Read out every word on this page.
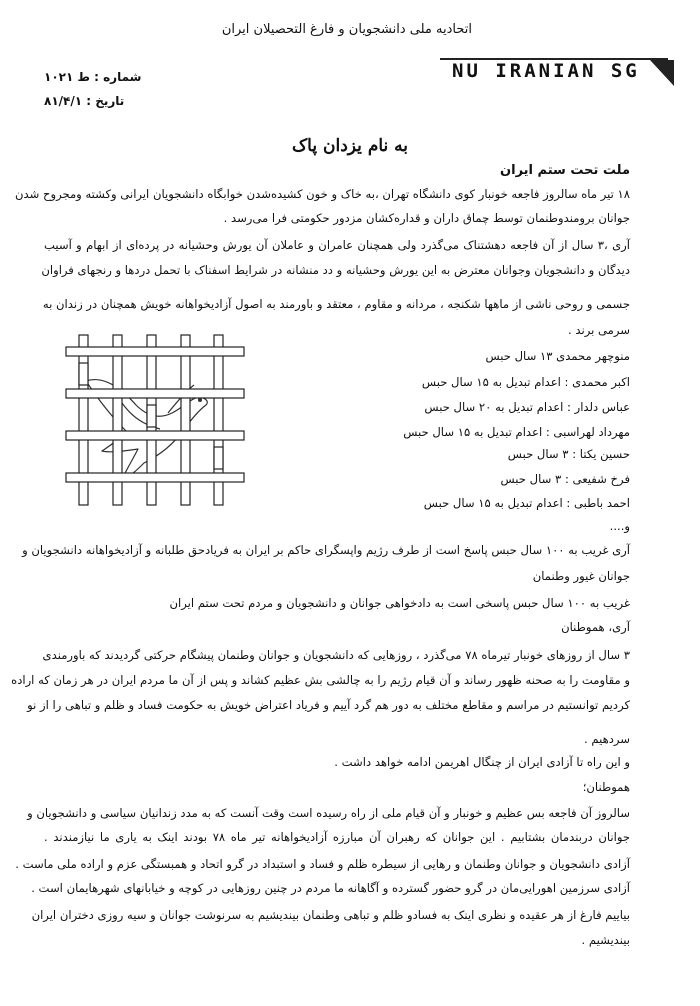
اتحادیه ملی دانشجویان و فارغ التحصیلان ایران
NU IRANIAN SG
شماره : ط ۱۰۲۱
تاریخ : ۸۱/۴/۱
به نام یزدان پاک
ملت تحت ستم ایران
۱۸ تیر ماه سالروز فاجعه خونبار کوی دانشگاه تهران ،به خاک و خون کشیده‌شدن خوابگاه دانشجویان ایرانی وکشته ومجروح شدن
جوانان برومندوطنمان توسط چماق داران و قداره‌کشان مزدور حکومتی فرا می‌رسد .
آری ،۳ سال از آن فاجعه دهشتناک می‌گذرد ولی همچنان عامران و عاملان آن یورش وحشیانه در پرده‌ای از ابهام و آسیب
دیدگان و دانشجویان وجوانان معترض به این یورش وحشیانه و دد منشانه در شرایط اسفناک با تحمل دردها و رنجهای فراوان
جسمی و روحی ناشی از ماهها شکنجه ، مردانه و مقاوم ، معتقد و باورمند به اصول آزادیخواهانه خویش همچنان در زندان به
سرمی برند .
منوچهر محمدی ۱۳ سال حبس
اکبر محمدی : اعدام تبدیل به ۱۵ سال حبس
عباس دلدار : اعدام تبدیل به ۲۰ سال حبس
مهرداد لهراسبی : اعدام تبدیل به ۱۵ سال حبس
حسین یکتا : ۳ سال حبس
فرخ شفیعی : ۳ سال حبس
احمد باطبی : اعدام تبدیل به ۱۵ سال حبس
و....
آری غریب به ۱۰۰ سال حبس پاسخ است از طرف رژیم واپسگرای حاکم بر ایران به فریادحق طلبانه و آزادیخواهانه دانشجویان و
جوانان غیور وطنمان
غریب به ۱۰۰ سال حبس پاسخی است به دادخواهی جوانان و دانشجویان و مردم تحت ستم ایران
آری، هموطنان
۳ سال از روزهای خونبار تیرماه ۷۸ می‌گذرد ، روزهایی که دانشجویان و جوانان وطنمان پیشگام حرکتی گردیدند که باورمندی
و مقاومت را به صحنه ظهور رساند و آن قیام رژیم را به چالشی بش عظیم کشاند و پس از آن ما مردم ایران در هر زمان که اراده
کردیم توانستیم در مراسم و مقاطع مختلف به دور هم گرد آییم و فریاد اعتراض خویش به حکومت فساد و ظلم و تباهی را از نو
سردهیم .
و این راه تا آزادی ایران از چنگال اهریمن ادامه خواهد داشت .
هموطنان؛
سالروز آن فاجعه بس عظیم و خونبار و آن قیام ملی از راه رسیده است وقت آنست که به مدد زندانیان سیاسی و دانشجویان و
جوانان دربندمان بشتابیم . این جوانان که رهبران آن مبارزه آزادیخواهانه تیر ماه ۷۸ بودند اینک به یاری ما نیازمندند .
آزادی دانشجویان و جوانان وطنمان و رهایی از سیطره ظلم و فساد و استبداد در گرو اتحاد و همبستگی عزم و اراده ملی ماست .
آزادی سرزمین اهورایی‌مان در گرو حضور گسترده و آگاهانه ما مردم در چنین روزهایی در کوچه و خیابانهای شهرهایمان است .
بیاییم فارغ از هر عقیده و نظری اینک به فسادو ظلم و تباهی وطنمان بیندیشیم به سرنوشت جوانان و سیه روزی دختران ایران
بیندیشیم .
